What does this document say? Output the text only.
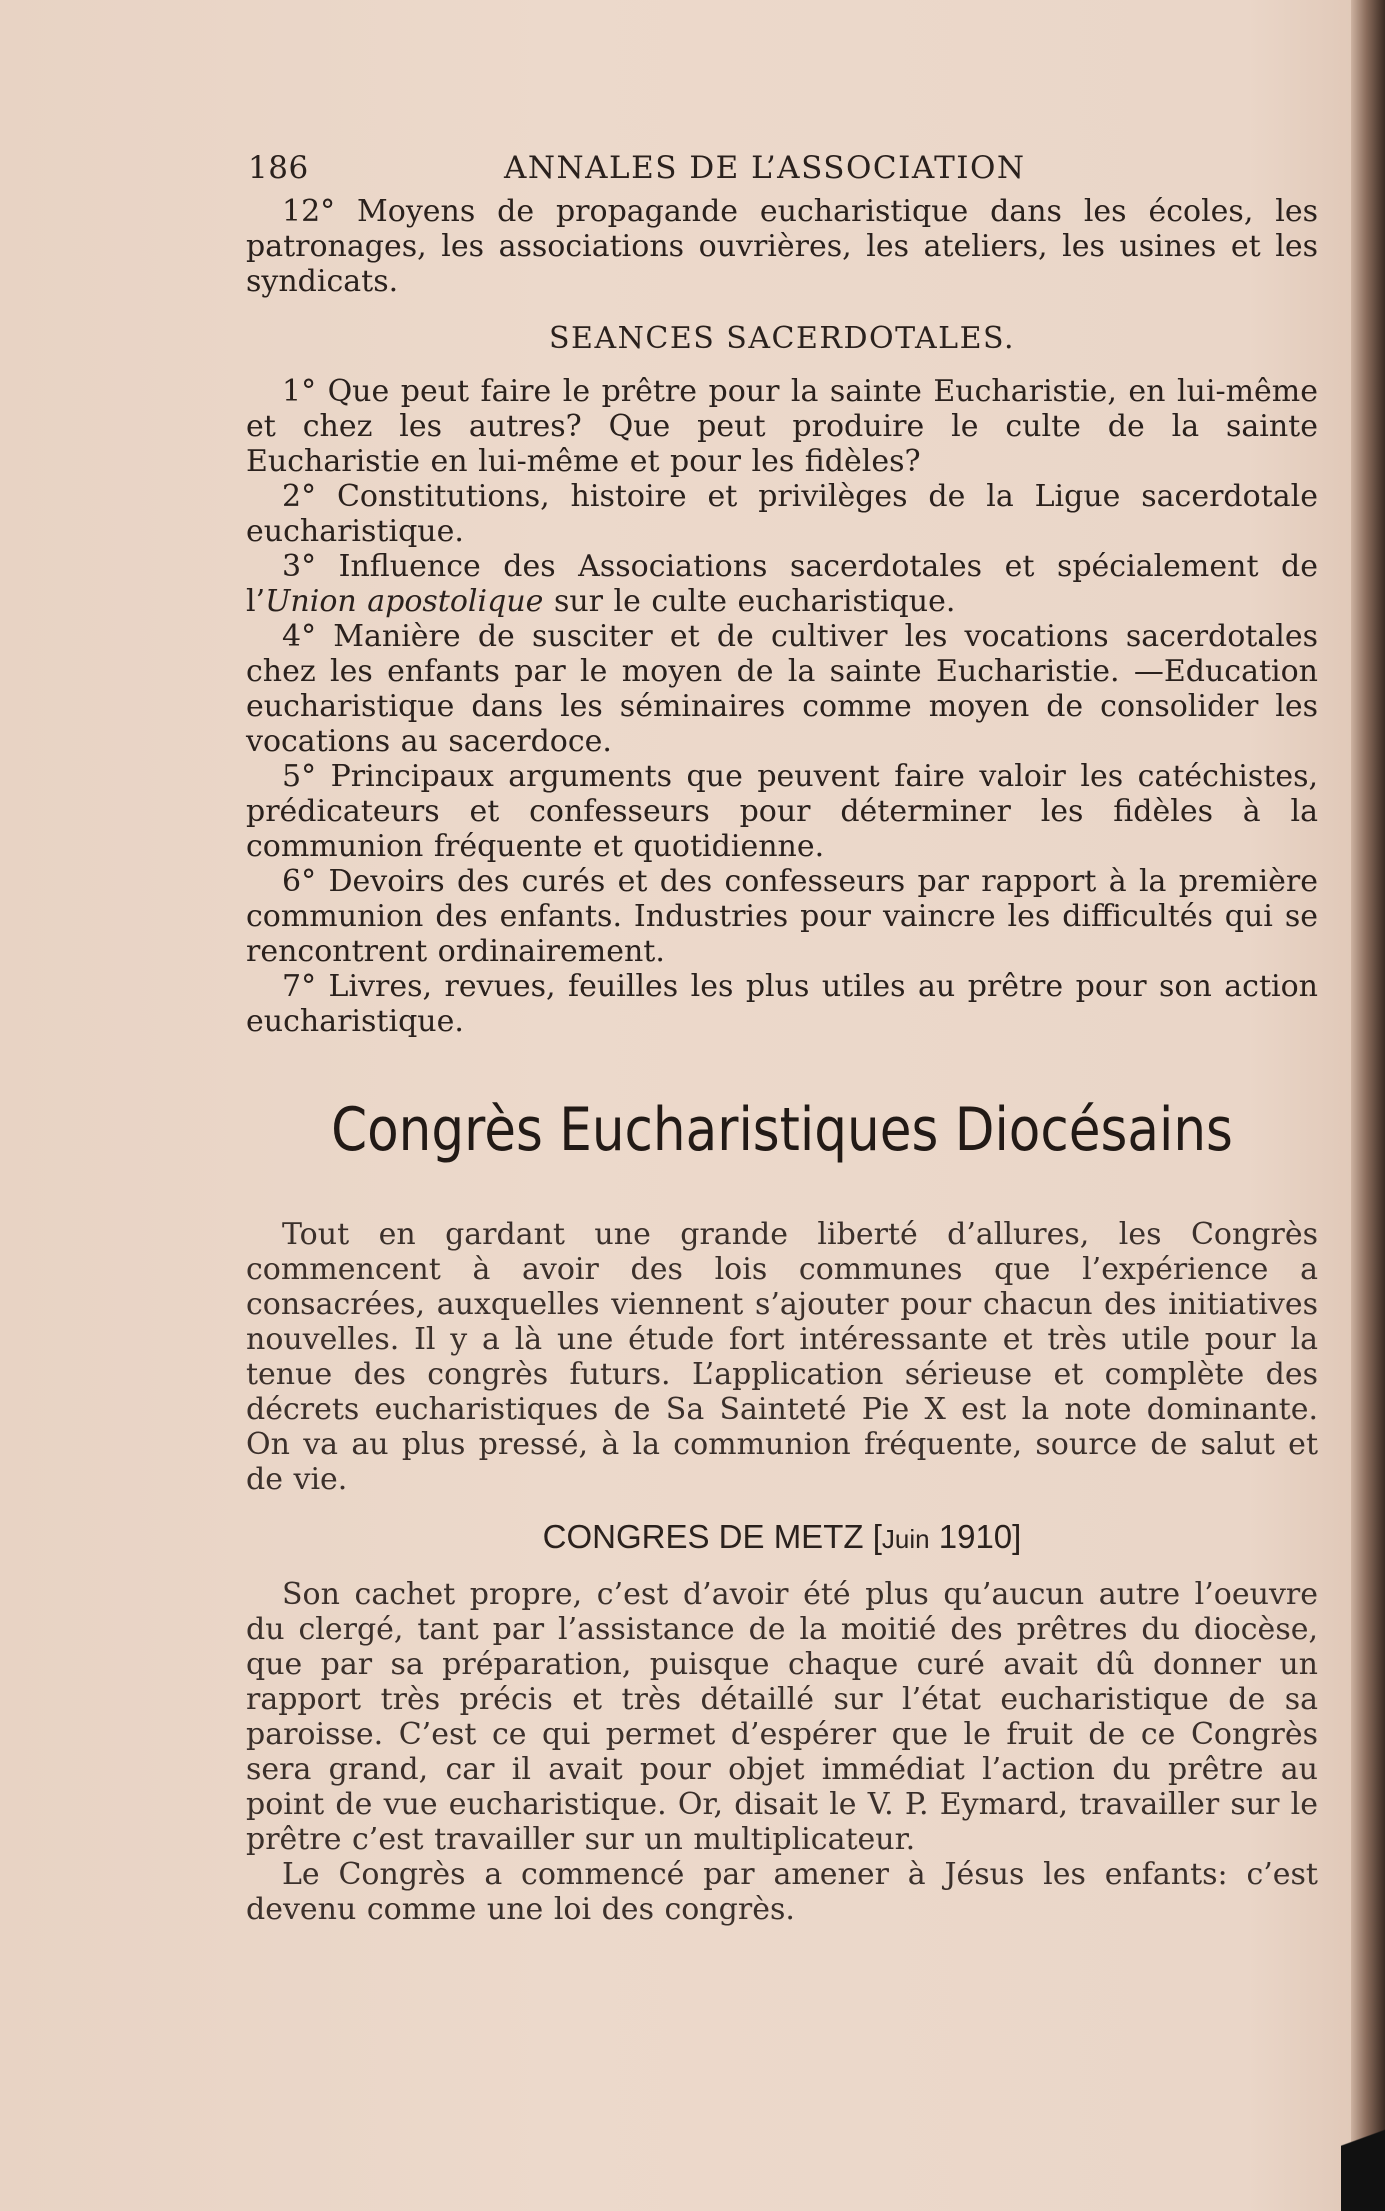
186	ANNALES DE L’ASSOCIATION

12° Moyens de propagande eucharistique dans les écoles, les patronages, les associations ouvrières, les ateliers, les usines et les syndicats.

SEANCES SACERDOTALES.

1° Que peut faire le prêtre pour la sainte Eucharistie, en lui-même et chez les autres? Que peut produire le culte de la sainte Eucharistie en lui-même et pour les fidèles?

2° Constitutions, histoire et privilèges de la Ligue sacerdotale eucharistique.

3° Influence des Associations sacerdotales et spécialement de l’Union apostolique sur le culte eucharistique.

4° Manière de susciter et de cultiver les vocations sacerdotales chez les enfants par le moyen de la sainte Eucharistie. —Education eucharistique dans les séminaires comme moyen de consolider les vocations au sacerdoce.

5° Principaux arguments que peuvent faire valoir les catéchistes, prédicateurs et confesseurs pour déterminer les fidèles à la communion fréquente et quotidienne.

6° Devoirs des curés et des confesseurs par rapport à la première communion des enfants. Industries pour vaincre les difficultés qui se rencontrent ordinairement.

7° Livres, revues, feuilles les plus utiles au prêtre pour son action eucharistique.

Congrès Eucharistiques Diocésains

Tout en gardant une grande liberté d’allures, les Congrès commencent à avoir des lois communes que l’expérience a consacrées, auxquelles viennent s’ajouter pour chacun des initiatives nouvelles. Il y a là une étude fort intéressante et très utile pour la tenue des congrès futurs. L’application sérieuse et complète des décrets eucharistiques de Sa Sainteté Pie X est la note dominante. On va au plus pressé, à la communion fréquente, source de salut et de vie.

CONGRES DE METZ [Juin 1910]

Son cachet propre, c’est d’avoir été plus qu’aucun autre l’oeuvre du clergé, tant par l’assistance de la moitié des prêtres du diocèse, que par sa préparation, puisque chaque curé avait dû donner un rapport très précis et très détaillé sur l’état eucharistique de sa paroisse. C’est ce qui permet d’espérer que le fruit de ce Congrès sera grand, car il avait pour objet immédiat l’action du prêtre au point de vue eucharistique. Or, disait le V. P. Eymard, travailler sur le prêtre c’est travailler sur un multiplicateur.

Le Congrès a commencé par amener à Jésus les enfants: c’est devenu comme une loi des congrès.
